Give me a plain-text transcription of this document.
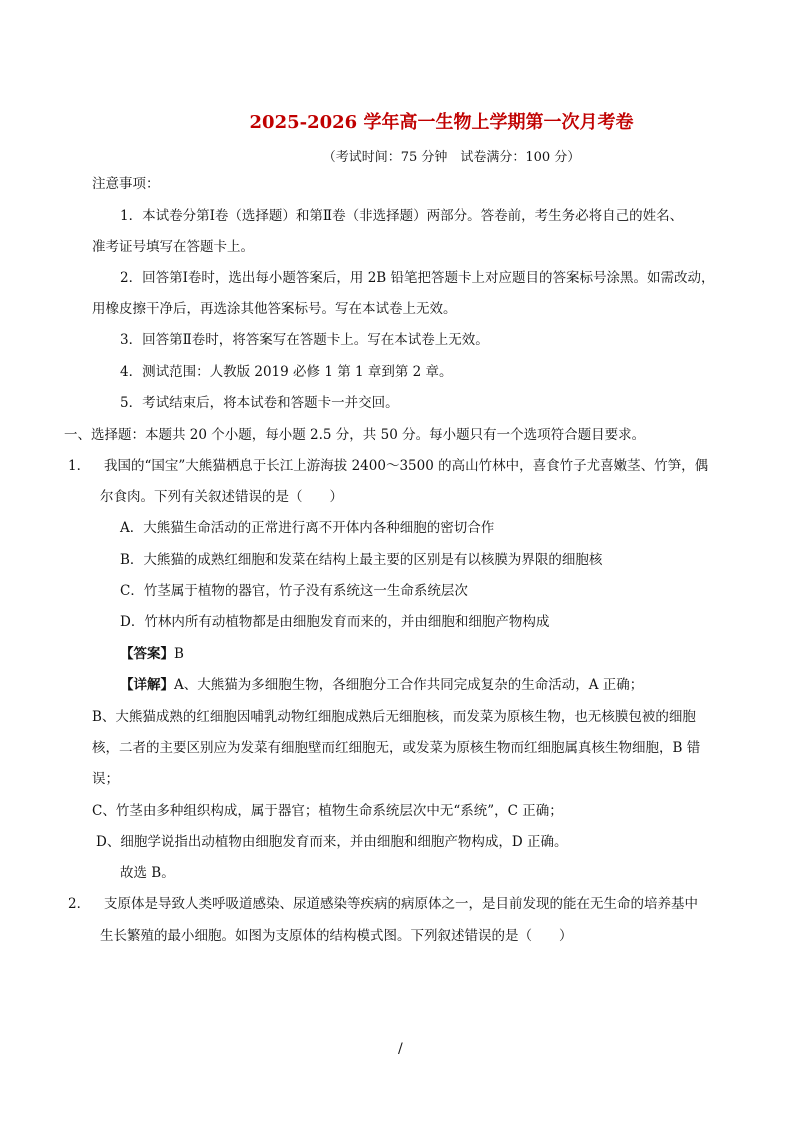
2025-2026 学年高一生物上学期第一次月考卷
（考试时间：75 分钟　试卷满分：100 分）
注意事项：
1．本试卷分第Ⅰ卷（选择题）和第Ⅱ卷（非选择题）两部分。答卷前，考生务必将自己的姓名、
准考证号填写在答题卡上。
2．回答第Ⅰ卷时，选出每小题答案后，用 2B 铅笔把答题卡上对应题目的答案标号涂黑。如需改动，
用橡皮擦干净后，再选涂其他答案标号。写在本试卷上无效。
3．回答第Ⅱ卷时，将答案写在答题卡上。写在本试卷上无效。
4．测试范围：人教版 2019 必修 1 第 1 章到第 2 章。
5．考试结束后，将本试卷和答题卡一并交回。
一、选择题：本题共 20 个小题，每小题 2.5 分，共 50 分。每小题只有一个选项符合题目要求。
1． 我国的“国宝”大熊猫栖息于长江上游海拔 2400～3500 的高山竹林中，喜食竹子尤喜嫩茎、竹笋，偶
尔食肉。下列有关叙述错误的是（　　）
A．大熊猫生命活动的正常进行离不开体内各种细胞的密切合作
B．大熊猫的成熟红细胞和发菜在结构上最主要的区别是有以核膜为界限的细胞核
C．竹茎属于植物的器官，竹子没有系统这一生命系统层次
D．竹林内所有动植物都是由细胞发育而来的，并由细胞和细胞产物构成
【答案】B
【详解】A、大熊猫为多细胞生物，各细胞分工合作共同完成复杂的生命活动，A 正确；
B、大熊猫成熟的红细胞因哺乳动物红细胞成熟后无细胞核，而发菜为原核生物，也无核膜包被的细胞
核，二者的主要区别应为发菜有细胞壁而红细胞无，或发菜为原核生物而红细胞属真核生物细胞，B 错
误；
C、竹茎由多种组织构成，属于器官；植物生命系统层次中无“系统”，C 正确；
D、细胞学说指出动植物由细胞发育而来，并由细胞和细胞产物构成，D 正确。
故选 B。
2． 支原体是导致人类呼吸道感染、尿道感染等疾病的病原体之一，是目前发现的能在无生命的培养基中
生长繁殖的最小细胞。如图为支原体的结构模式图。下列叙述错误的是（　　）
/
